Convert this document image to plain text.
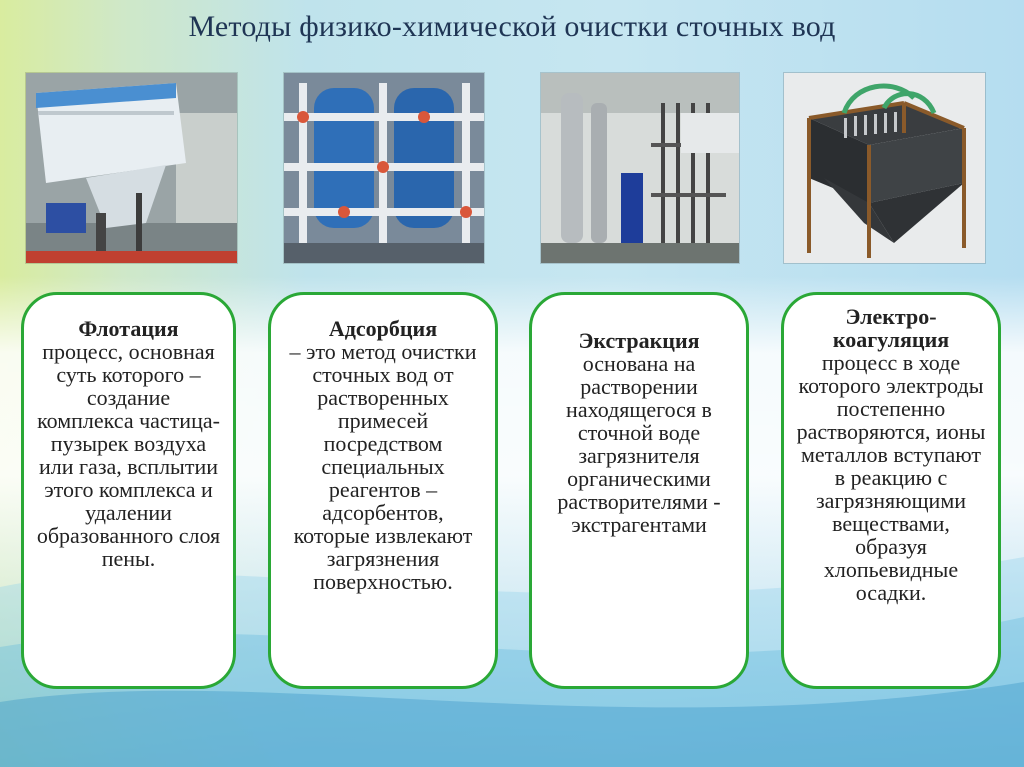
Методы физико-химической очистки сточных вод
Флотация
процесс, основная суть которого – создание комплекса частица-пузырек воздуха или газа, всплытии этого комплекса и удалении образованного слоя пены.
Адсорбция
– это метод очистки сточных вод от растворенных примесей посредством специальных реагентов – адсорбентов, которые извлекают загрязнения поверхностью.
Экстракция
основана на растворении находящегося в сточной воде загрязнителя органическими растворителями - экстрагентами
Электро-коагуляция
процесс в ходе которого электроды постепенно растворяются, ионы металлов вступают в реакцию с загрязняющими веществами, образуя хлопьевидные осадки.
